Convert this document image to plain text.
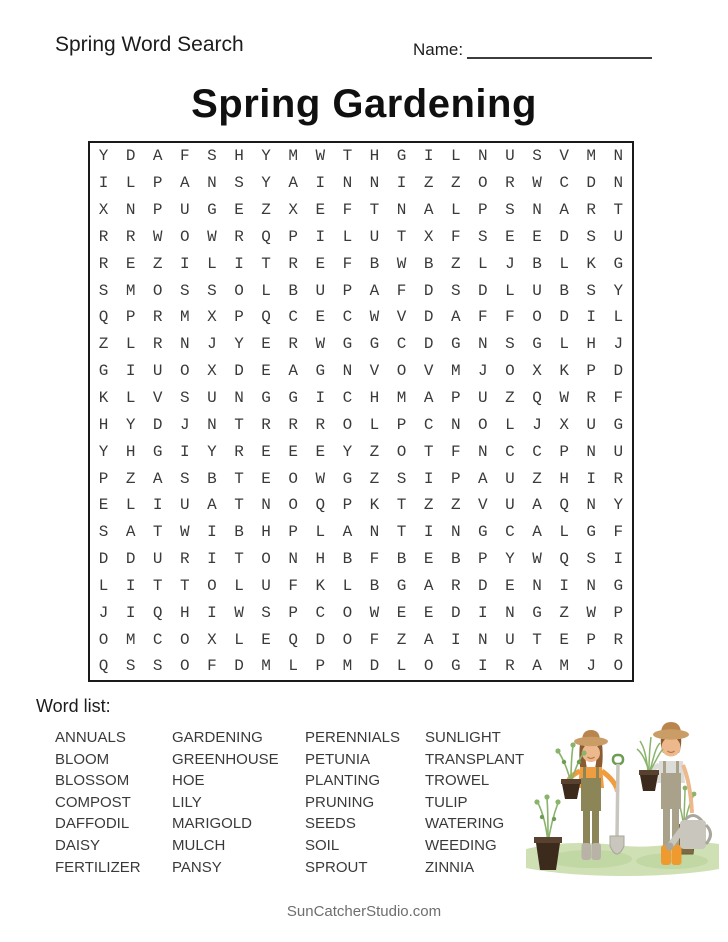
Spring Word Search	Name:
Spring Gardening
Y	D	A	F	S	H	Y	M	W	T	H	G	I	L	N	U	S	V	M	N
I	L	P	A	N	S	Y	A	I	N	N	I	Z	Z	O	R	W	C	D	N
X	N	P	U	G	E	Z	X	E	F	T	N	A	L	P	S	N	A	R	T
R	R	W	O	W	R	Q	P	I	L	U	T	X	F	S	E	E	D	S	U
R	E	Z	I	L	I	T	R	E	F	B	W	B	Z	L	J	B	L	K	G
S	M	O	S	S	O	L	B	U	P	A	F	D	S	D	L	U	B	S	Y
Q	P	R	M	X	P	Q	C	E	C	W	V	D	A	F	F	O	D	I	L
Z	L	R	N	J	Y	E	R	W	G	G	C	D	G	N	S	G	L	H	J
G	I	U	O	X	D	E	A	G	N	V	O	V	M	J	O	X	K	P	D
K	L	V	S	U	N	G	G	I	C	H	M	A	P	U	Z	Q	W	R	F
H	Y	D	J	N	T	R	R	R	O	L	P	C	N	O	L	J	X	U	G
Y	H	G	I	Y	R	E	E	E	Y	Z	O	T	F	N	C	C	P	N	U
P	Z	A	S	B	T	E	O	W	G	Z	S	I	P	A	U	Z	H	I	R
E	L	I	U	A	T	N	O	Q	P	K	T	Z	Z	V	U	A	Q	N	Y
S	A	T	W	I	B	H	P	L	A	N	T	I	N	G	C	A	L	G	F
D	D	U	R	I	T	O	N	H	B	F	B	E	B	P	Y	W	Q	S	I
L	I	T	T	O	L	U	F	K	L	B	G	A	R	D	E	N	I	N	G
J	I	Q	H	I	W	S	P	C	O	W	E	E	D	I	N	G	Z	W	P
O	M	C	O	X	L	E	Q	D	O	F	Z	A	I	N	U	T	E	P	R
Q	S	S	O	F	D	M	L	P	M	D	L	O	G	I	R	A	M	J	O
Word list:
ANNUALS
BLOOM
BLOSSOM
COMPOST
DAFFODIL
DAISY
FERTILIZER
GARDENING
GREENHOUSE
HOE
LILY
MARIGOLD
MULCH
PANSY
PERENNIALS
PETUNIA
PLANTING
PRUNING
SEEDS
SOIL
SPROUT
SUNLIGHT
TRANSPLANT
TROWEL
TULIP
WATERING
WEEDING
ZINNIA
SunCatcherStudio.com
